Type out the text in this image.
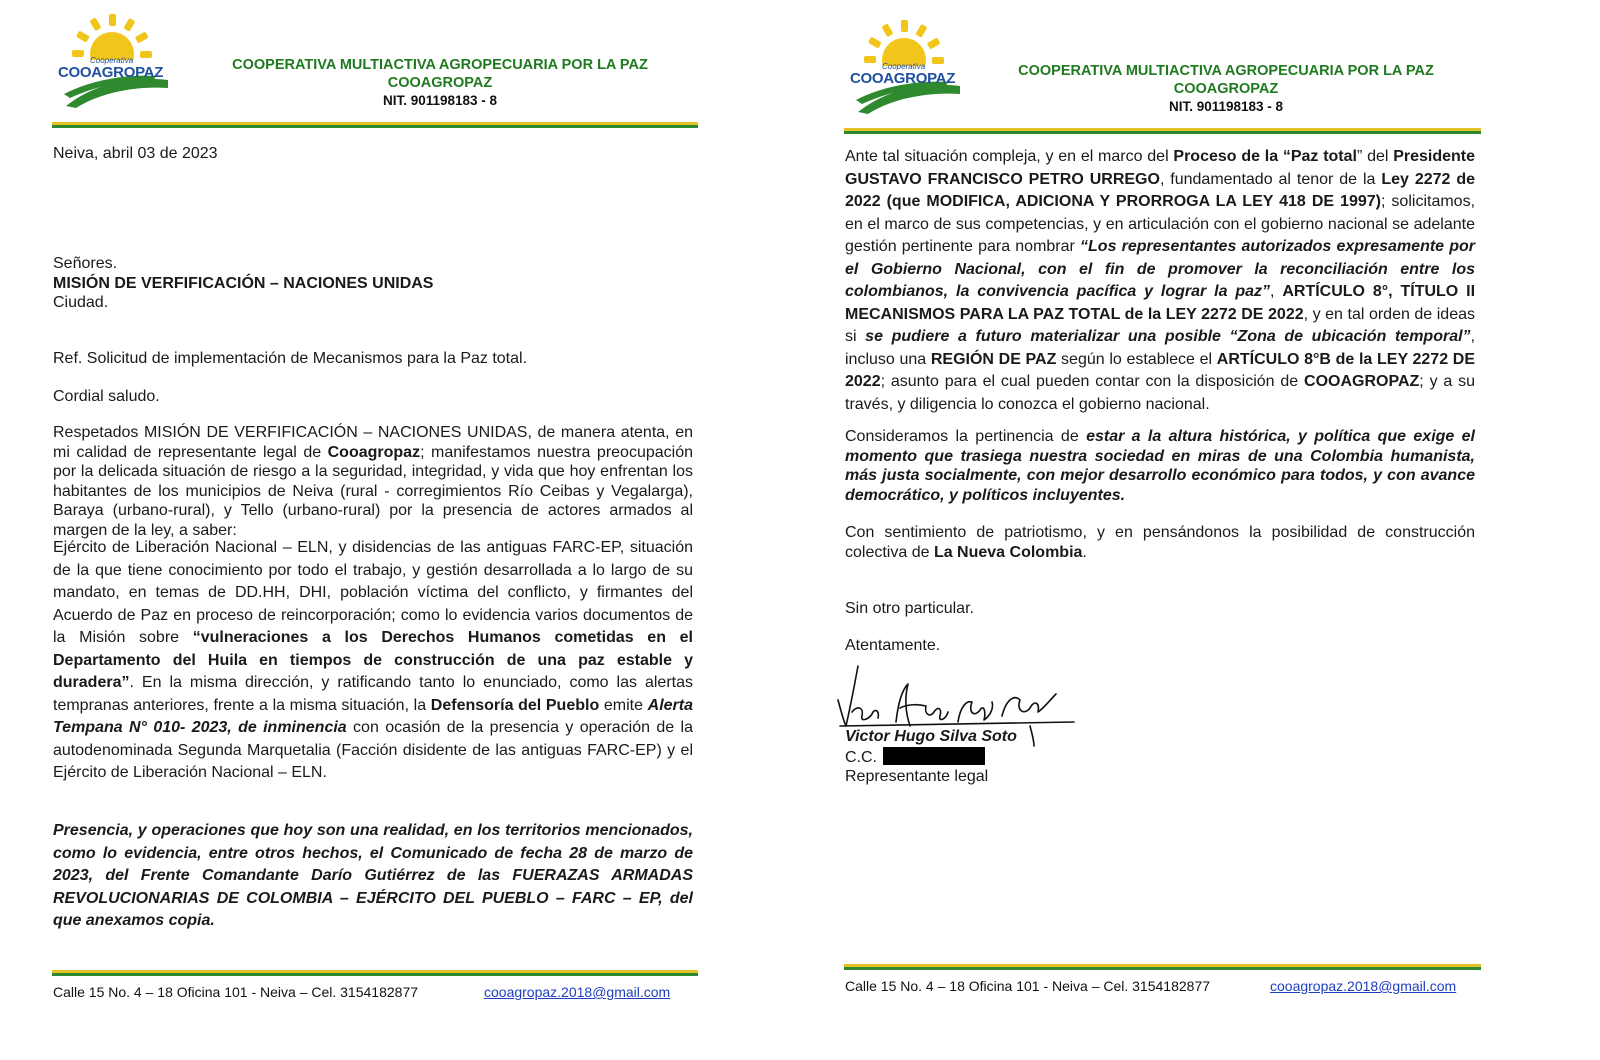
Cooperativa
COOAGROPAZ	COOPERATIVA MULTIACTIVA AGROPECUARIA POR LA PAZ
COOAGROPAZ
NIT. 901198183 - 8
Neiva, abril 03 de 2023
Señores.
MISIÓN DE VERFIFICACIÓN – NACIONES UNIDAS
Ciudad.
Ref. Solicitud de implementación de Mecanismos para la Paz total.
Cordial saludo.
Respetados MISIÓN DE VERFIFICACIÓN – NACIONES UNIDAS, de manera atenta, en mi calidad de representante legal de Cooagropaz; manifestamos nuestra preocupación por la delicada situación de riesgo a la seguridad, integridad, y vida que hoy enfrentan los habitantes de los municipios de Neiva (rural - corregimientos Río Ceibas y Vegalarga), Baraya (urbano-rural), y Tello (urbano-rural) por la presencia de actores armados al margen de la ley, a saber:
Ejército de Liberación Nacional – ELN, y disidencias de las antiguas FARC-EP, situación de la que tiene conocimiento por todo el trabajo, y gestión desarrollada a lo largo de su mandato, en temas de DD.HH, DHI, población víctima del conflicto, y firmantes del Acuerdo de Paz en proceso de reincorporación; como lo evidencia varios documentos de la Misión sobre “vulneraciones a los Derechos Humanos cometidas en el Departamento del Huila en tiempos de construcción de una paz estable y duradera”. En la misma dirección, y ratificando tanto lo enunciado, como las alertas tempranas anteriores, frente a la misma situación, la Defensoría del Pueblo emite Alerta Tempana N° 010- 2023, de inminencia con ocasión de la presencia y operación de la autodenominada Segunda Marquetalia (Facción disidente de las antiguas FARC-EP) y el Ejército de Liberación Nacional – ELN.
Presencia, y operaciones que hoy son una realidad, en los territorios mencionados, como lo evidencia, entre otros hechos, el Comunicado de fecha 28 de marzo de 2023, del Frente Comandante Darío Gutiérrez de las FUERAZAS ARMADAS REVOLUCIONARIAS DE COLOMBIA – EJÉRCITO DEL PUEBLO – FARC – EP, del que anexamos copia.
Calle 15 No. 4 – 18 Oficina 101 - Neiva – Cel. 3154182877	cooagropaz.2018@gmail.com
Cooperativa
COOAGROPAZ	COOPERATIVA MULTIACTIVA AGROPECUARIA POR LA PAZ
COOAGROPAZ
NIT. 901198183 - 8
Ante tal situación compleja, y en el marco del Proceso de la “Paz total” del Presidente GUSTAVO FRANCISCO PETRO URREGO, fundamentado al tenor de la Ley 2272 de 2022 (que MODIFICA, ADICIONA Y PRORROGA LA LEY 418 DE 1997); solicitamos, en el marco de sus competencias, y en articulación con el gobierno nacional se adelante gestión pertinente para nombrar “Los representantes autorizados expresamente por el Gobierno Nacional, con el fin de promover la reconciliación entre los colombianos, la convivencia pacífica y lograr la paz”, ARTÍCULO 8°, TÍTULO II MECANISMOS PARA LA PAZ TOTAL de la LEY 2272 DE 2022, y en tal orden de ideas si se pudiere a futuro materializar una posible “Zona de ubicación temporal”, incluso una REGIÓN DE PAZ según lo establece el ARTÍCULO 8°B de la LEY 2272 DE 2022; asunto para el cual pueden contar con la disposición de COOAGROPAZ; y a su través, y diligencia lo conozca el gobierno nacional.
Consideramos la pertinencia de estar a la altura histórica, y política que exige el momento que trasiega nuestra sociedad en miras de una Colombia humanista, más justa socialmente, con mejor desarrollo económico para todos, y con avance democrático, y políticos incluyentes.
Con sentimiento de patriotismo, y en pensándonos la posibilidad de construcción colectiva de La Nueva Colombia.
Sin otro particular.
Atentamente.
Victor Hugo Silva Soto
C.C.
Representante legal
Calle 15 No. 4 – 18 Oficina 101 - Neiva – Cel. 3154182877	cooagropaz.2018@gmail.com
